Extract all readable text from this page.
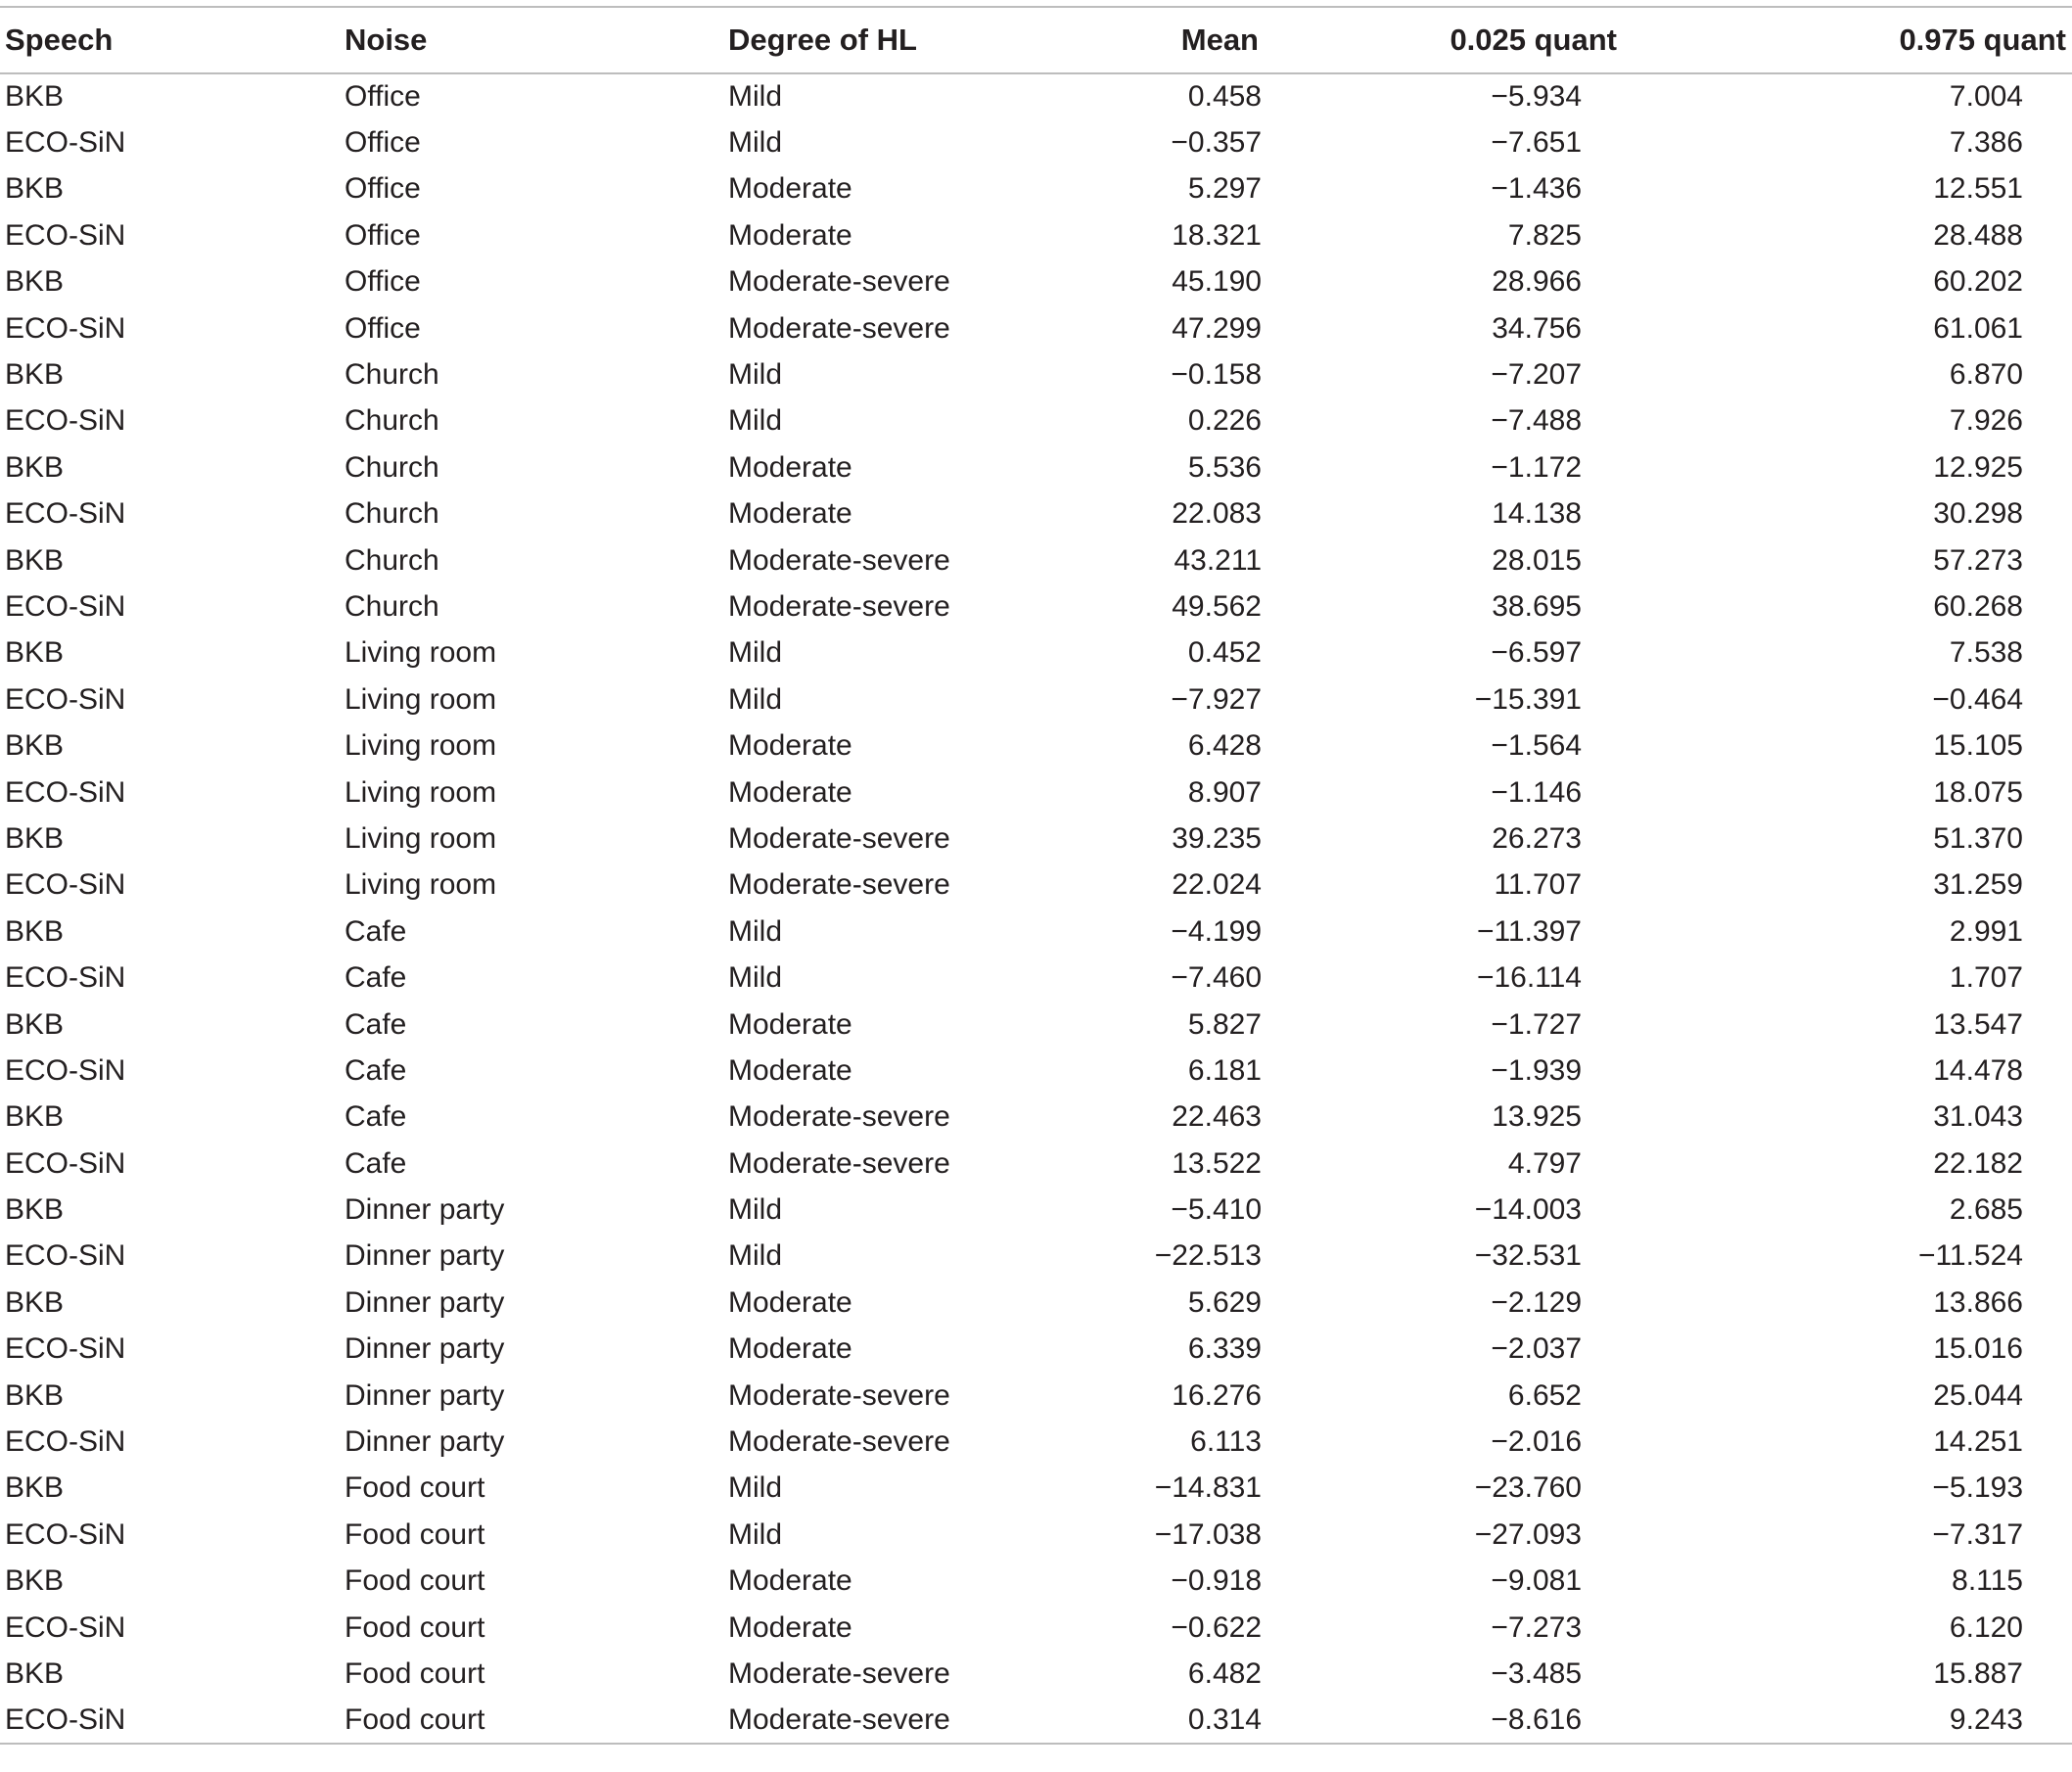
Speech	Noise	Degree of HL	Mean	0.025 quant	0.975 quant
BKB	Office	Mild	0.458	−5.934	7.004
ECO-SiN	Office	Mild	−0.357	−7.651	7.386
BKB	Office	Moderate	5.297	−1.436	12.551
ECO-SiN	Office	Moderate	18.321	7.825	28.488
BKB	Office	Moderate-severe	45.190	28.966	60.202
ECO-SiN	Office	Moderate-severe	47.299	34.756	61.061
BKB	Church	Mild	−0.158	−7.207	6.870
ECO-SiN	Church	Mild	0.226	−7.488	7.926
BKB	Church	Moderate	5.536	−1.172	12.925
ECO-SiN	Church	Moderate	22.083	14.138	30.298
BKB	Church	Moderate-severe	43.211	28.015	57.273
ECO-SiN	Church	Moderate-severe	49.562	38.695	60.268
BKB	Living room	Mild	0.452	−6.597	7.538
ECO-SiN	Living room	Mild	−7.927	−15.391	−0.464
BKB	Living room	Moderate	6.428	−1.564	15.105
ECO-SiN	Living room	Moderate	8.907	−1.146	18.075
BKB	Living room	Moderate-severe	39.235	26.273	51.370
ECO-SiN	Living room	Moderate-severe	22.024	11.707	31.259
BKB	Cafe	Mild	−4.199	−11.397	2.991
ECO-SiN	Cafe	Mild	−7.460	−16.114	1.707
BKB	Cafe	Moderate	5.827	−1.727	13.547
ECO-SiN	Cafe	Moderate	6.181	−1.939	14.478
BKB	Cafe	Moderate-severe	22.463	13.925	31.043
ECO-SiN	Cafe	Moderate-severe	13.522	4.797	22.182
BKB	Dinner party	Mild	−5.410	−14.003	2.685
ECO-SiN	Dinner party	Mild	−22.513	−32.531	−11.524
BKB	Dinner party	Moderate	5.629	−2.129	13.866
ECO-SiN	Dinner party	Moderate	6.339	−2.037	15.016
BKB	Dinner party	Moderate-severe	16.276	6.652	25.044
ECO-SiN	Dinner party	Moderate-severe	6.113	−2.016	14.251
BKB	Food court	Mild	−14.831	−23.760	−5.193
ECO-SiN	Food court	Mild	−17.038	−27.093	−7.317
BKB	Food court	Moderate	−0.918	−9.081	8.115
ECO-SiN	Food court	Moderate	−0.622	−7.273	6.120
BKB	Food court	Moderate-severe	6.482	−3.485	15.887
ECO-SiN	Food court	Moderate-severe	0.314	−8.616	9.243
